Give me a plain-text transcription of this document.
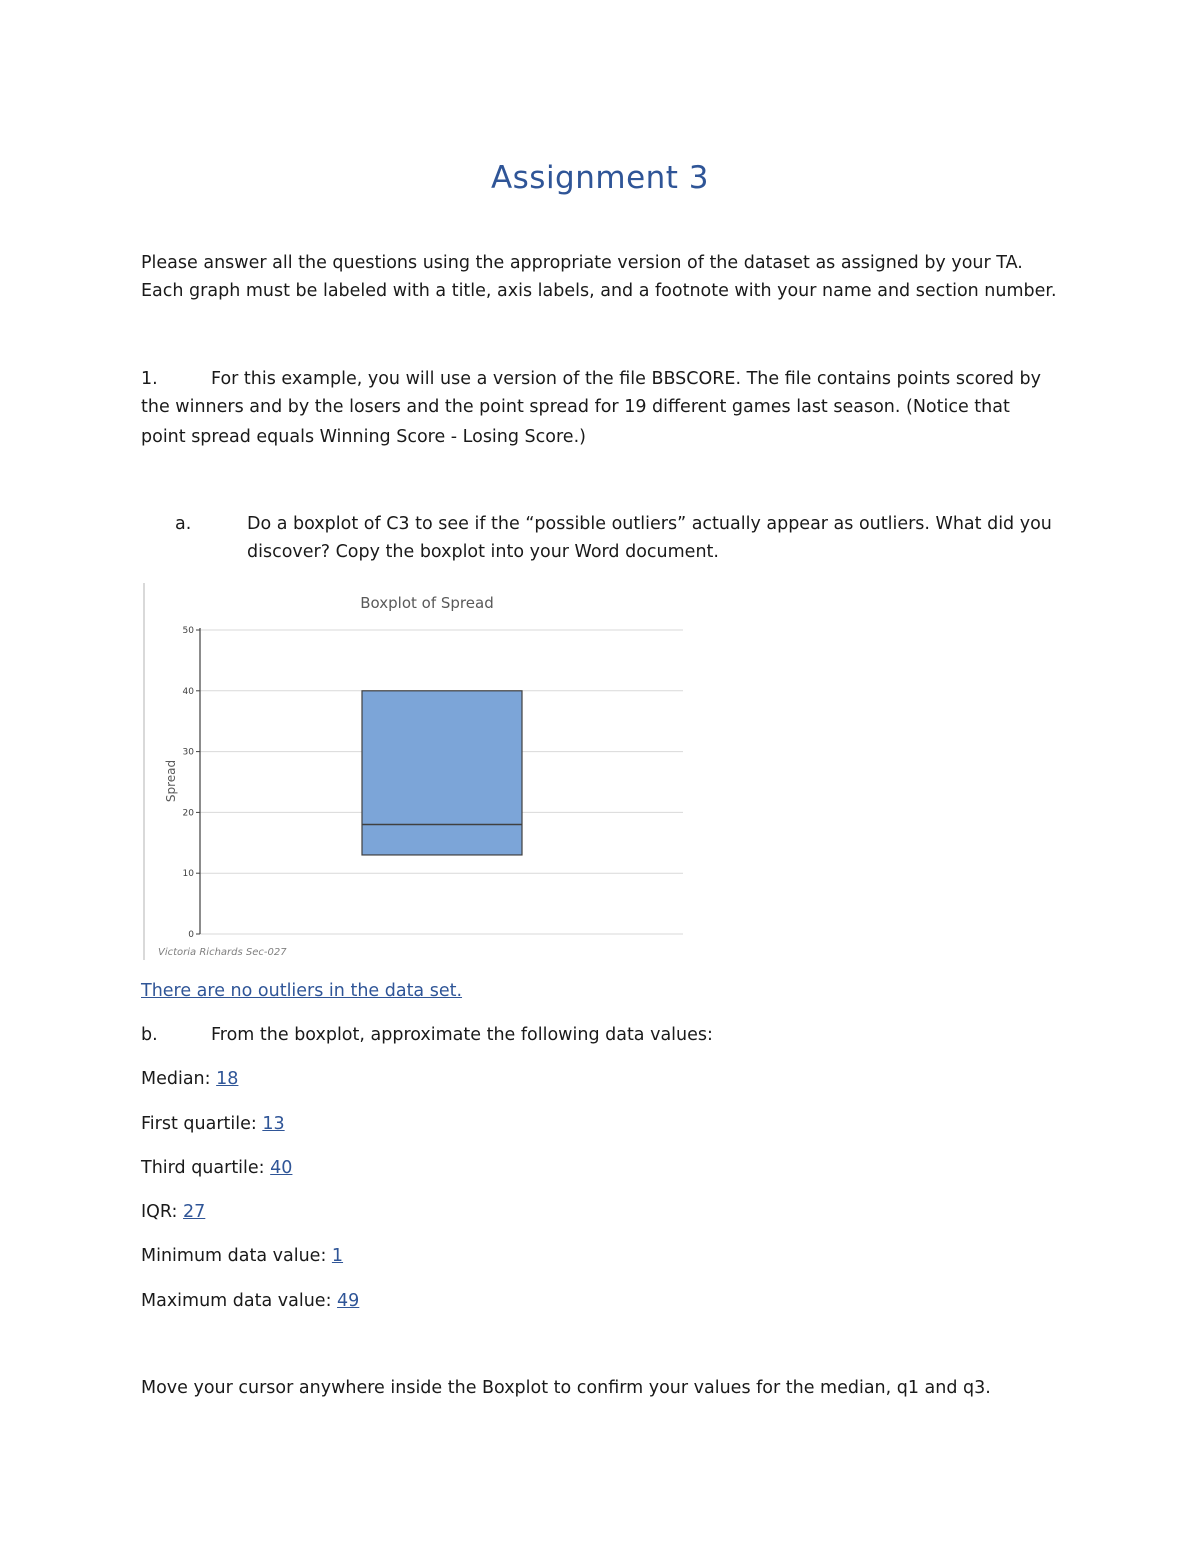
Assignment 3
Please answer all the questions using the appropriate version of the dataset as assigned by your TA.
Each graph must be labeled with a title, axis labels, and a footnote with your name and section number.
1.	For this example, you will use a version of the file BBSCORE. The file contains points scored by
the winners and by the losers and the point spread for 19 different games last season. (Notice that
point spread equals Winning Score - Losing Score.)
a.	Do a boxplot of C3 to see if the “possible outliers” actually appear as outliers. What did you
discover? Copy the boxplot into your Word document.
Boxplot of Spread
Spread
Victoria Richards Sec-027
0
10
20
30
40
50
There are no outliers in the data set.
b.	From the boxplot, approximate the following data values:
Median: 18
First quartile: 13
Third quartile: 40
IQR: 27
Minimum data value: 1
Maximum data value: 49
Move your cursor anywhere inside the Boxplot to confirm your values for the median, q1 and q3.
